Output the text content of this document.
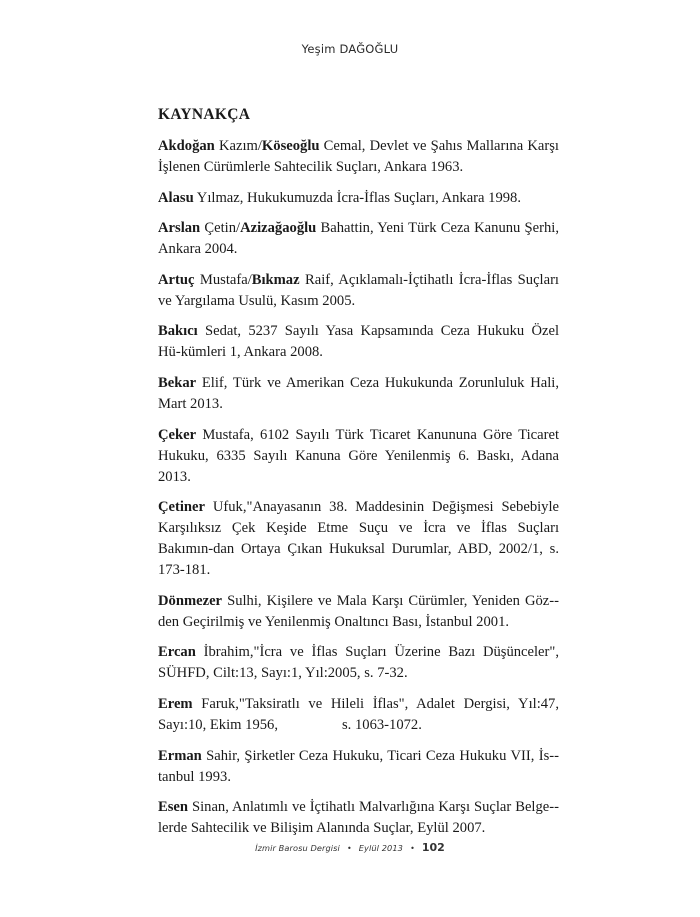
Yeşim DAĞOĞLU
KAYNAKÇA
Akdoğan Kazım/Köseoğlu Cemal, Devlet ve Şahıs Mallarına Karşı İşlenen Cürümlerle Sahtecilik Suçları, Ankara 1963.
Alasu Yılmaz, Hukukumuzda İcra-İflas Suçları, Ankara 1998.
Arslan Çetin/Azizağaoğlu Bahattin, Yeni Türk Ceza Kanunu Şerhi, Ankara 2004.
Artuç Mustafa/Bıkmaz Raif, Açıklamalı-İçtihatlı İcra-İflas Suçları ve Yargılama Usulü, Kasım 2005.
Bakıcı Sedat, 5237 Sayılı Yasa Kapsamında Ceza Hukuku Özel Hü-kümleri 1, Ankara 2008.
Bekar Elif, Türk ve Amerikan Ceza Hukukunda Zorunluluk Hali, Mart 2013.
Çeker Mustafa, 6102 Sayılı Türk Ticaret Kanununa Göre Ticaret Hukuku, 6335 Sayılı Kanuna Göre Yenilenmiş 6. Baskı, Adana 2013.
Çetiner Ufuk,"Anayasanın 38. Maddesinin Değişmesi Sebebiyle Karşılıksız Çek Keşide Etme Suçu ve İcra ve İflas Suçları Bakımın-dan Ortaya Çıkan Hukuksal Durumlar, ABD, 2002/1, s. 173-181.
Dönmezer Sulhi, Kişilere ve Mala Karşı Cürümler, Yeniden Göz-den Geçirilmiş ve Yenilenmiş Onaltıncı Bası, İstanbul 2001.
Ercan İbrahim,"İcra ve İflas Suçları Üzerine Bazı Düşünceler", SÜHFD, Cilt:13, Sayı:1, Yıl:2005, s. 7-32.
Erem Faruk,"Taksiratlı ve Hileli İflas", Adalet Dergisi, Yıl:47, Sayı:10, Ekim 1956,	s. 1063-1072.
Erman Sahir, Şirketler Ceza Hukuku, Ticari Ceza Hukuku VII, İs-tanbul 1993.
Esen Sinan, Anlatımlı ve İçtihatlı Malvarlığına Karşı Suçlar Belge-lerde Sahtecilik ve Bilişim Alanında Suçlar, Eylül 2007.
İzmir Barosu Dergisi • Eylül 2013 • 102
